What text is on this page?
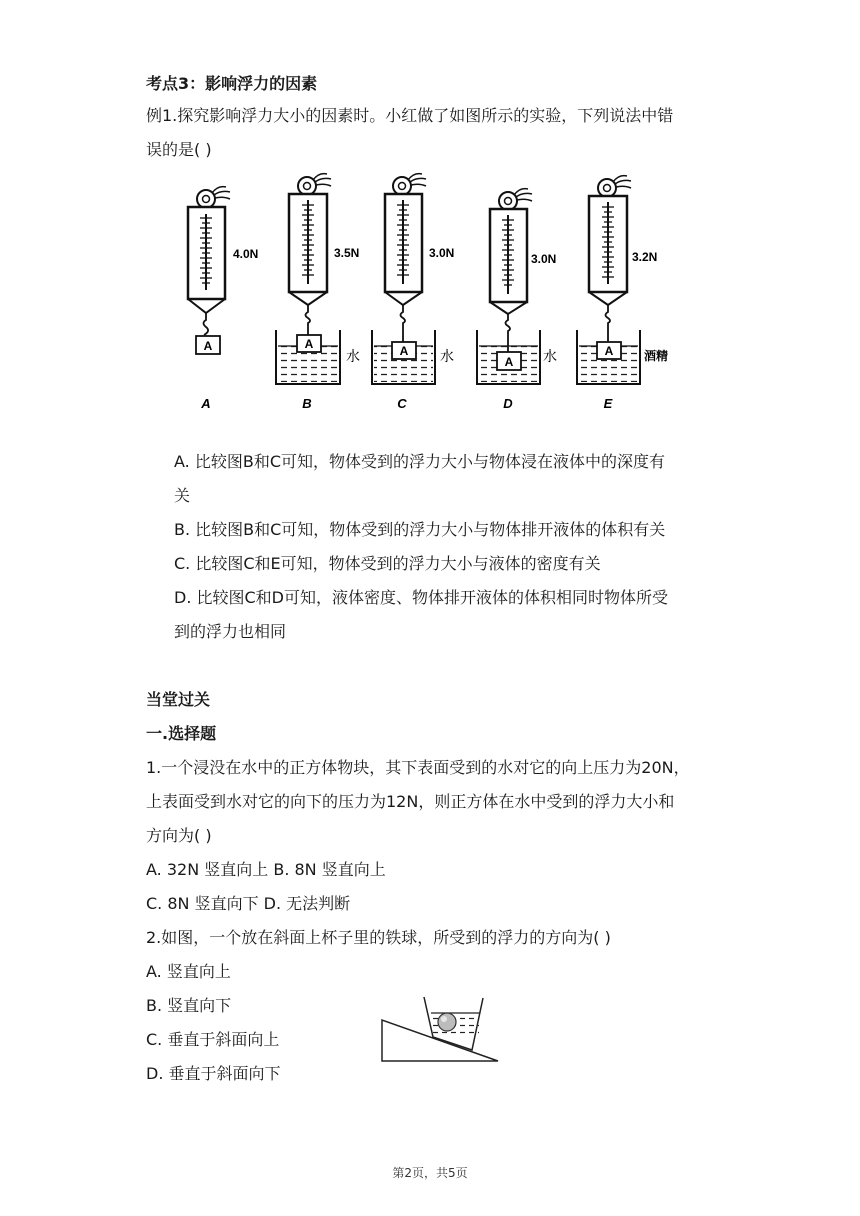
考点3：影响浮力的因素
例1.探究影响浮力大小的因素时。小红做了如图所示的实验，下列说法中错
误的是( )
A
4.0N
A
A
3.5N
水
B
A
3.0N
水
C
A
3.0N
水
D
A
3.2N
酒精
E
A. 比较图B和C可知，物体受到的浮力大小与物体浸在液体中的深度有
关
B. 比较图B和C可知，物体受到的浮力大小与物体排开液体的体积有关
C. 比较图C和E可知，物体受到的浮力大小与液体的密度有关
D. 比较图C和D可知，液体密度、物体排开液体的体积相同时物体所受
到的浮力也相同
当堂过关
一.选择题
1.一个浸没在水中的正方体物块，其下表面受到的水对它的向上压力为20N，
上表面受到水对它的向下的压力为12N，则正方体在水中受到的浮力大小和
方向为( )
A. 32N 竖直向上 B. 8N 竖直向上
C. 8N 竖直向下 D. 无法判断
2.如图，一个放在斜面上杯子里的铁球，所受到的浮力的方向为( )
A. 竖直向上
B. 竖直向下
C. 垂直于斜面向上
D. 垂直于斜面向下
第2页，共5页
